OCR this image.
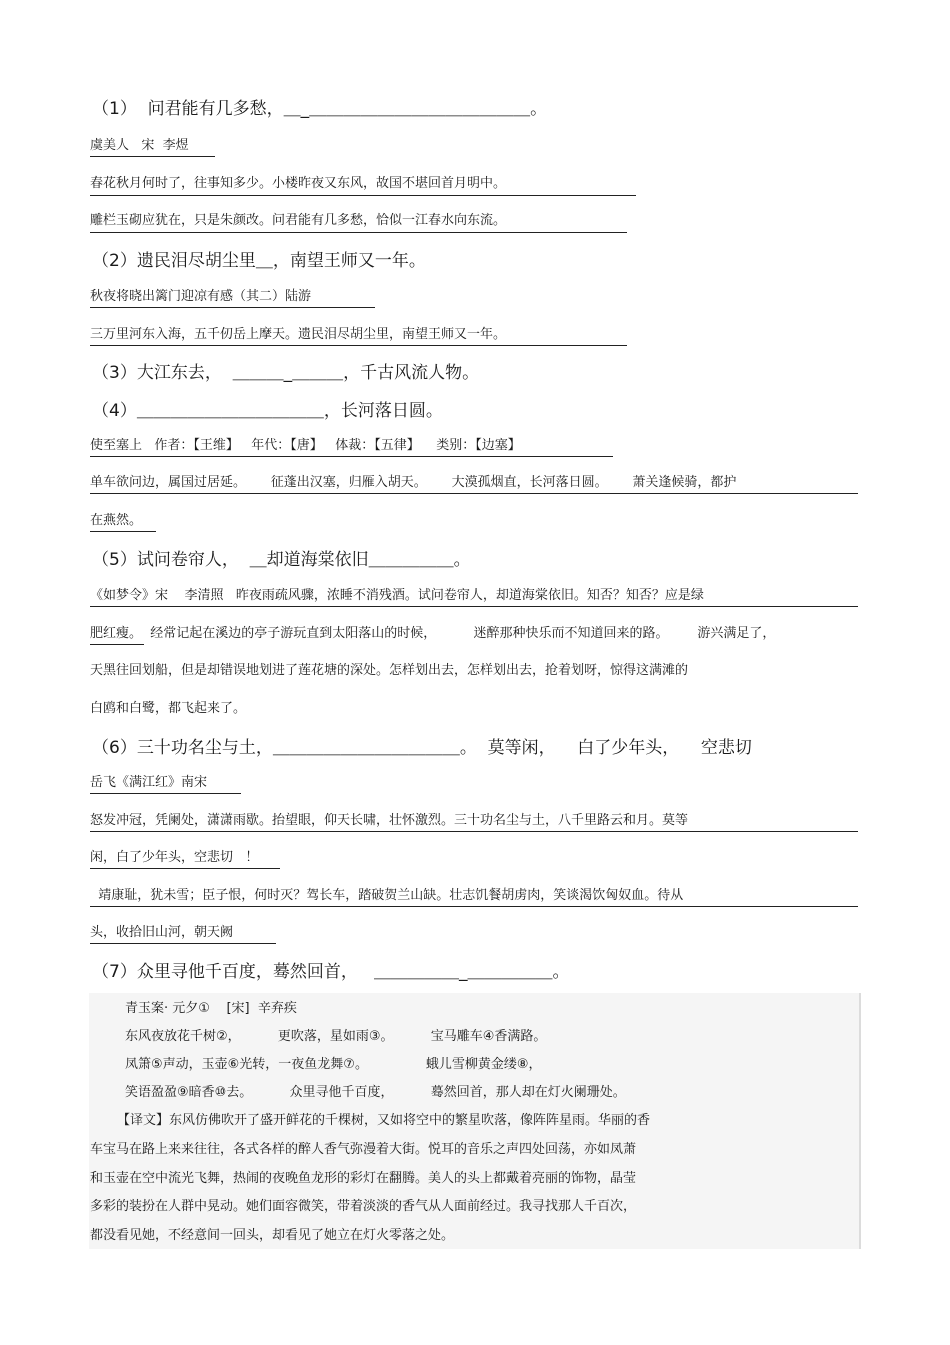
（1）  问君能有几多愁，＿_＿＿＿＿＿＿＿＿＿＿＿＿＿。
虞美人   宋  李煜
春花秋月何时了，往事知多少。小楼昨夜又东风，故国不堪回首月明中。
雕栏玉砌应犹在，只是朱颜改。问君能有几多愁，恰似一江春水向东流。
（2）遗民泪尽胡尘里＿，南望王师又一年。
秋夜将晓出篱门迎凉有感（其二）陆游
三万里河东入海，五千仞岳上摩天。遗民泪尽胡尘里，南望王师又一年。
（3）大江东去，  ＿＿＿_＿＿＿，千古风流人物。
（4）＿＿＿＿＿＿＿＿＿＿＿，长河落日圆。
使至塞上   作者：【王维】   年代：【唐】   体裁：【五律】    类别：【边塞】
单车欲问边，属国过居延。      征蓬出汉塞，归雁入胡天。      大漠孤烟直，长河落日圆。      萧关逢候骑，都护
在燕然。
（5）试问卷帘人，  ＿却道海棠依旧＿＿＿＿＿。
《如梦令》宋    李清照   昨夜雨疏风骤，浓睡不消残酒。试问卷帘人，却道海棠依旧。知否？知否？应是绿
肥红瘦。  经常记起在溪边的亭子游玩直到太阳落山的时候，         迷醉那种快乐而不知道回来的路。       游兴满足了，
天黑往回划船，但是却错误地划进了莲花塘的深处。怎样划出去，怎样划出去，抢着划呀，惊得这满滩的
白鸥和白鹭，都飞起来了。
（6）三十功名尘与土，＿＿＿＿＿＿＿＿＿＿＿。  莫等闲，    白了少年头，    空悲切
岳飞《满江红》南宋
怒发冲冠，凭阑处，潇潇雨歇。抬望眼，仰天长啸，壮怀激烈。三十功名尘与土，八千里路云和月。莫等
闲，白了少年头，空悲切   ！
靖康耻，犹未雪；臣子恨，何时灭？驾长车，踏破贺兰山缺。壮志饥餐胡虏肉，笑谈渴饮匈奴血。待从
头，收拾旧山河，朝天阙
（7）众里寻他千百度，蓦然回首，   ＿＿＿＿＿_＿＿＿＿＿。
青玉案· 元夕①    [宋]  辛弃疾
东风夜放花千树②，         更吹落，星如雨③。         宝马雕车④香满路。
凤箫⑤声动，玉壶⑥光转，一夜鱼龙舞⑦。              蛾儿雪柳黄金缕⑧，
笑语盈盈⑨暗香⑩去。         众里寻他千百度，         蓦然回首，那人却在灯火阑珊处。
【译文】东风仿佛吹开了盛开鲜花的千棵树，又如将空中的繁星吹落，像阵阵星雨。华丽的香
车宝马在路上来来往往，各式各样的醉人香气弥漫着大街。悦耳的音乐之声四处回荡，亦如凤萧
和玉壶在空中流光飞舞，热闹的夜晚鱼龙形的彩灯在翻腾。美人的头上都戴着亮丽的饰物，晶莹
多彩的装扮在人群中晃动。她们面容微笑，带着淡淡的香气从人面前经过。我寻找那人千百次，
都没看见她，不经意间一回头，却看见了她立在灯火零落之处。
